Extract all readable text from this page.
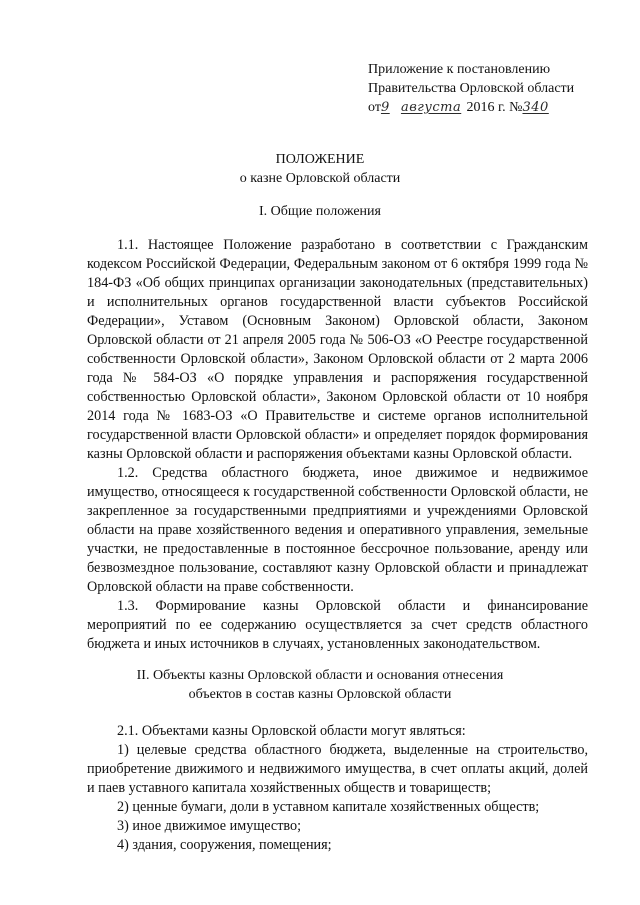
Приложение к постановлению
Правительства Орловской области
от9 августа 2016 г. №340
ПОЛОЖЕНИЕ
о казне Орловской области
I. Общие положения

1.1. Настоящее Положение разработано в соответствии с Гражданским кодексом Российской Федерации, Федеральным законом от 6 октября 1999 года № 184-ФЗ «Об общих принципах организации законодательных (представительных) и исполнительных органов государственной власти субъектов Российской Федерации», Уставом (Основным Законом) Орловской области, Законом Орловской области от 21 апреля 2005 года № 506-ОЗ «О Реестре государственной собственности Орловской области», Законом Орловской области от 2 марта 2006 года № 584-ОЗ «О порядке управления и распоряжения государственной собственностью Орловской области», Законом Орловской области от 10 ноября 2014 года № 1683-ОЗ «О Правительстве и системе органов исполнительной государственной власти Орловской области» и определяет порядок формирования казны Орловской области и распоряжения объектами казны Орловской области.

1.2. Средства областного бюджета, иное движимое и недвижимое имущество, относящееся к государственной собственности Орловской области, не закрепленное за государственными предприятиями и учреждениями Орловской области на праве хозяйственного ведения и оперативного управления, земельные участки, не предоставленные в постоянное бессрочное пользование, аренду или безвозмездное пользование, составляют казну Орловской области и принадлежат Орловской области на праве собственности.

1.3. Формирование казны Орловской области и финансирование мероприятий по ее содержанию осуществляется за счет средств областного бюджета и иных источников в случаях, установленных законодательством.

II. Объекты казны Орловской области и основания отнесения
объектов в состав казны Орловской области

2.1. Объектами казны Орловской области могут являться:

1) целевые средства областного бюджета, выделенные на строительство, приобретение движимого и недвижимого имущества, в счет оплаты акций, долей и паев уставного капитала хозяйственных обществ и товариществ;

2) ценные бумаги, доли в уставном капитале хозяйственных обществ;

3) иное движимое имущество;

4) здания, сооружения, помещения;
